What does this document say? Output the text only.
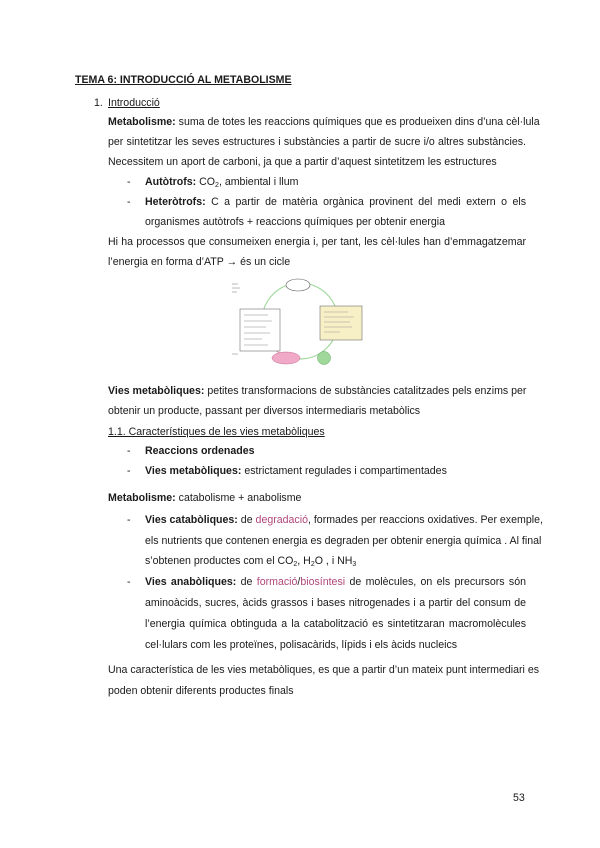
TEMA 6: INTRODUCCIÓ AL METABOLISME
1. Introducció
Metabolisme: suma de totes les reaccions químiques que es produeixen dins d’una cèl·lula
per sintetitzar les seves estructures i substàncies a partir de sucre i/o altres substàncies.
Necessitem un aport de carboni, ja que a partir d’aquest sintetitzem les estructures
- Autòtrofs: $CO_2$, ambiental i llum
- Heteròtrofs: C a partir de matèria orgànica provinent del medi extern o els
organismes autòtrofs + reaccions químiques per obtenir energia
Hi ha processos que consumeixen energia i, per tant, les cèl·lules han d’emmagatzemar
l’energia en forma d’ATP → és un cicle
Vies metabòliques: petites transformacions de substàncies catalitzades pels enzims per
obtenir un producte, passant per diversos intermediaris metabòlics
1.1. Característiques de les vies metabòliques
- Reaccions ordenades
- Vies metabòliques: estrictament regulades i compartimentades
Metabolisme: catabolisme + anabolisme
- Vies catabòliques: de degradació, formades per reaccions oxidatives. Per exemple,
els nutrients que contenen energia es degraden per obtenir energia química . Al final
s’obtenen productes com el $CO_2$, $H_2O$ , i $NH_3$
- Vies anabòliques: de formació/biosíntesi de molècules, on els precursors són
aminoàcids, sucres, àcids grassos i bases nitrogenades i a partir del consum de
l’energia química obtinguda a la catabolització es sintetitzaran macromolècules
cel·lulars com les proteïnes, polisacàrids, lípids i els àcids nucleics
Una característica de les vies metabòliques, es que a partir d’un mateix punt intermediari es
poden obtenir diferents productes finals
53
